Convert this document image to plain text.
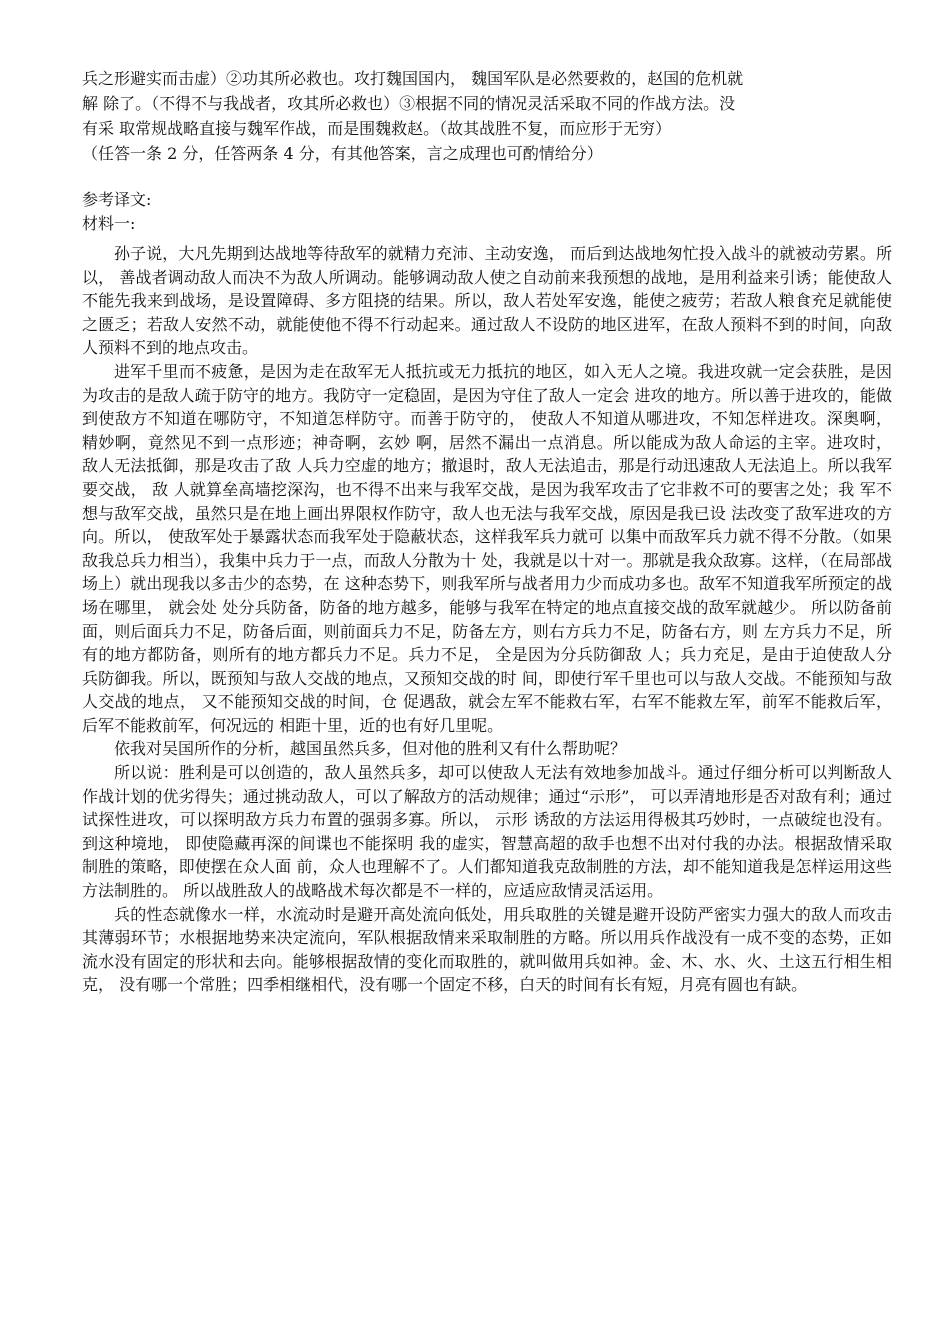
兵之形避实而击虚）②功其所必救也。攻打魏国国内， 魏国军队是必然要救的，赵国的危机就
解 除了。（不得不与我战者，攻其所必救也）③根据不同的情况灵活采取不同的作战方法。没
有采 取常规战略直接与魏军作战，而是围魏救赵。（故其战胜不复，而应形于无穷）
（任答一条 2 分，任答两条 4 分，有其他答案，言之成理也可酌情给分）
参考译文:
材料一:

孙子说，大凡先期到达战地等待敌军的就精力充沛、主动安逸， 而后到达战地匆忙投入战斗的就被动劳累。所以， 善战者调动敌人而决不为敌人所调动。能够调动敌人使之自动前来我预想的战地，是用利益来引诱；能使敌人不能先我来到战场，是设置障碍、多方阻挠的结果。所以，敌人若处军安逸，能使之疲劳；若敌人粮食充足就能使之匮乏；若敌人安然不动，就能使他不得不行动起来。通过敌人不设防的地区进军，在敌人预料不到的时间，向敌人预料不到的地点攻击。

进军千里而不疲惫，是因为走在敌军无人抵抗或无力抵抗的地区，如入无人之境。我进攻就一定会获胜，是因为攻击的是敌人疏于防守的地方。我防守一定稳固，是因为守住了敌人一定会 进攻的地方。所以善于进攻的，能做到使敌方不知道在哪防守，不知道怎样防守。而善于防守的， 使敌人不知道从哪进攻，不知怎样进攻。深奥啊， 精妙啊，竟然见不到一点形迹；神奇啊，玄妙 啊，居然不漏出一点消息。所以能成为敌人命运的主宰。进攻时， 敌人无法抵御，那是攻击了敌 人兵力空虚的地方；撤退时，敌人无法追击，那是行动迅速敌人无法追上。所以我军要交战， 敌 人就算垒高墙挖深沟，也不得不出来与我军交战，是因为我军攻击了它非救不可的要害之处；我 军不想与敌军交战，虽然只是在地上画出界限权作防守，敌人也无法与我军交战，原因是我已设 法改变了敌军进攻的方向。所以， 使敌军处于暴露状态而我军处于隐蔽状态，这样我军兵力就可 以集中而敌军兵力就不得不分散。（如果敌我总兵力相当），我集中兵力于一点，而敌人分散为十 处，我就是以十对一。那就是我众敌寡。这样，（在局部战场上）就出现我以多击少的态势，在 这种态势下，则我军所与战者用力少而成功多也。敌军不知道我军所预定的战场在哪里， 就会处 处分兵防备，防备的地方越多，能够与我军在特定的地点直接交战的敌军就越少。 所以防备前 面，则后面兵力不足，防备后面，则前面兵力不足，防备左方，则右方兵力不足，防备右方，则 左方兵力不足，所有的地方都防备，则所有的地方都兵力不足。兵力不足， 全是因为分兵防御敌 人；兵力充足，是由于迫使敌人分兵防御我。所以，既预知与敌人交战的地点，又预知交战的时 间，即使行军千里也可以与敌人交战。不能预知与敌人交战的地点， 又不能预知交战的时间，仓 促遇敌，就会左军不能救右军，右军不能救左军，前军不能救后军，后军不能救前军，何况远的 相距十里，近的也有好几里呢。

依我对吴国所作的分析，越国虽然兵多，但对他的胜利又有什么帮助呢？

所以说：胜利是可以创造的，敌人虽然兵多，却可以使敌人无法有效地参加战斗。通过仔细分析可以判断敌人作战计划的优劣得失；通过挑动敌人，可以了解敌方的活动规律；通过“示形”， 可以弄清地形是否对敌有利；通过试探性进攻，可以探明敌方兵力布置的强弱多寡。所以， 示形 诱敌的方法运用得极其巧妙时，一点破绽也没有。到这种境地， 即使隐藏再深的间谍也不能探明 我的虚实，智慧高超的敌手也想不出对付我的办法。根据敌情采取制胜的策略，即使摆在众人面 前，众人也理解不了。人们都知道我克敌制胜的方法，却不能知道我是怎样运用这些方法制胜的。 所以战胜敌人的战略战术每次都是不一样的，应适应敌情灵活运用。

兵的性态就像水一样，水流动时是避开高处流向低处，用兵取胜的关键是避开设防严密实力强大的敌人而攻击其薄弱环节；水根据地势来决定流向，军队根据敌情来采取制胜的方略。所以用兵作战没有一成不变的态势，正如流水没有固定的形状和去向。能够根据敌情的变化而取胜的，就叫做用兵如神。金、木、水、火、土这五行相生相克， 没有哪一个常胜；四季相继相代，没有哪一个固定不移，白天的时间有长有短，月亮有圆也有缺。
